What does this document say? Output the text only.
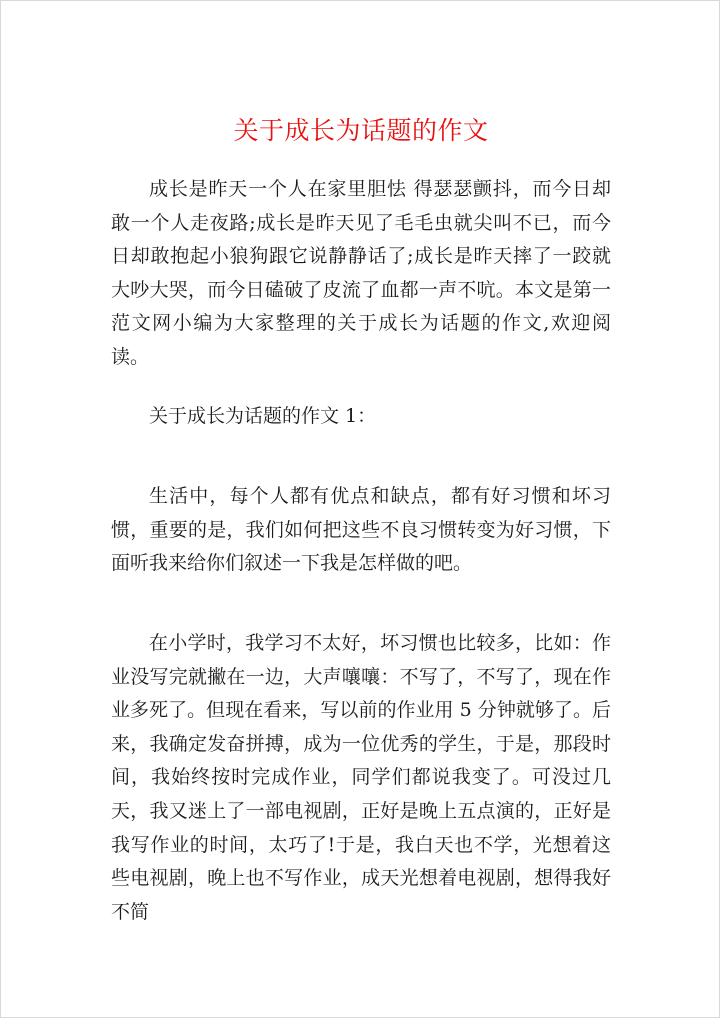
关于成长为话题的作文

成长是昨天一个人在家里胆怯 得瑟瑟颤抖，而今日却敢一个人走夜路;成长是昨天见了毛毛虫就尖叫不已，而今日却敢抱起小狼狗跟它说静静话了;成长是昨天摔了一跤就大吵大哭，而今日磕破了皮流了血都一声不吭。本文是第一范文网小编为大家整理的关于成长为话题的作文,欢迎阅读。

关于成长为话题的作文 1：

生活中，每个人都有优点和缺点，都有好习惯和坏习惯，重要的是，我们如何把这些不良习惯转变为好习惯，下面听我来给你们叙述一下我是怎样做的吧。

在小学时，我学习不太好，坏习惯也比较多，比如：作业没写完就撇在一边，大声嚷嚷：不写了，不写了，现在作业多死了。但现在看来，写以前的作业用 5 分钟就够了。后来，我确定发奋拼搏，成为一位优秀的学生，于是，那段时间，我始终按时完成作业，同学们都说我变了。可没过几天，我又迷上了一部电视剧，正好是晚上五点演的，正好是我写作业的时间，太巧了!于是，我白天也不学，光想着这些电视剧，晚上也不写作业，成天光想着电视剧，想得我好不简
